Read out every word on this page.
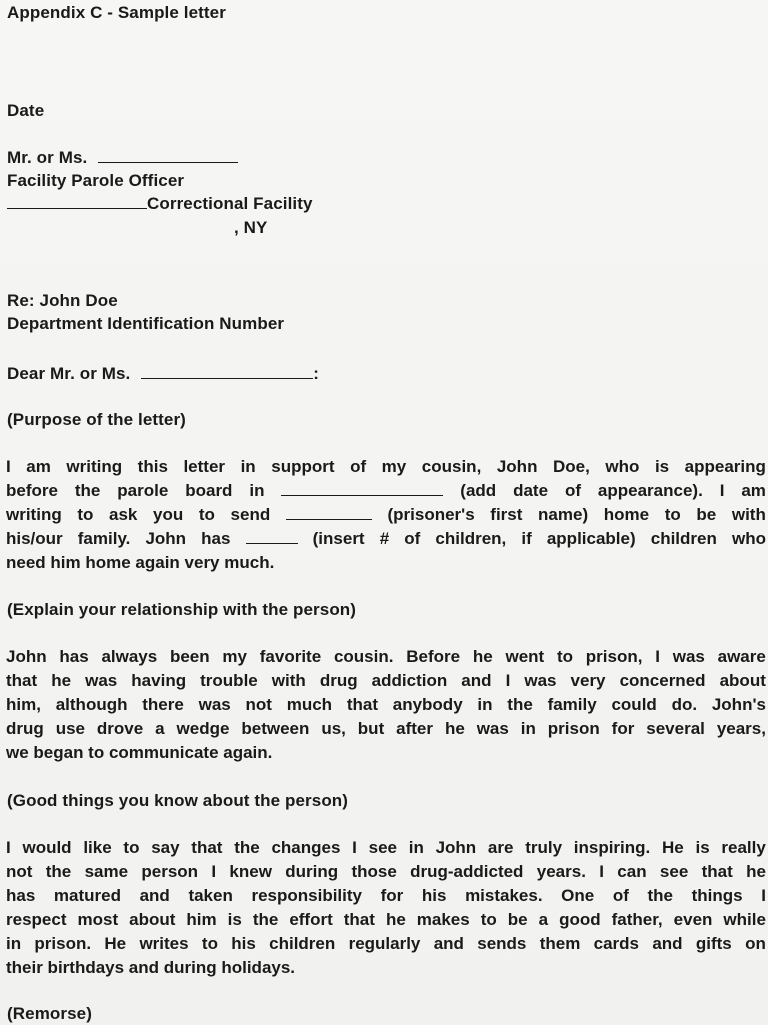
Appendix C - Sample letter
Date
Mr. or Ms.
Facility Parole Officer
Correctional Facility
, NY
Re: John Doe
Department Identification Number
Dear Mr. or Ms.	:
(Purpose of the letter)
I am writing this letter in support of my cousin, John Doe, who is appearing
before the parole board in	(add date of appearance). I am
writing to ask you to send	(prisoner's first name) home to be with
his/our family. John has	(insert # of children, if applicable) children who
need him home again very much.
(Explain your relationship with the person)
John has always been my favorite cousin. Before he went to prison, I was aware
that he was having trouble with drug addiction and I was very concerned about
him, although there was not much that anybody in the family could do. John's
drug use drove a wedge between us, but after he was in prison for several years,
we began to communicate again.
(Good things you know about the person)
I would like to say that the changes I see in John are truly inspiring. He is really
not the same person I knew during those drug-addicted years. I can see that he
has matured and taken responsibility for his mistakes. One of the things I
respect most about him is the effort that he makes to be a good father, even while
in prison. He writes to his children regularly and sends them cards and gifts on
their birthdays and during holidays.
(Remorse)
